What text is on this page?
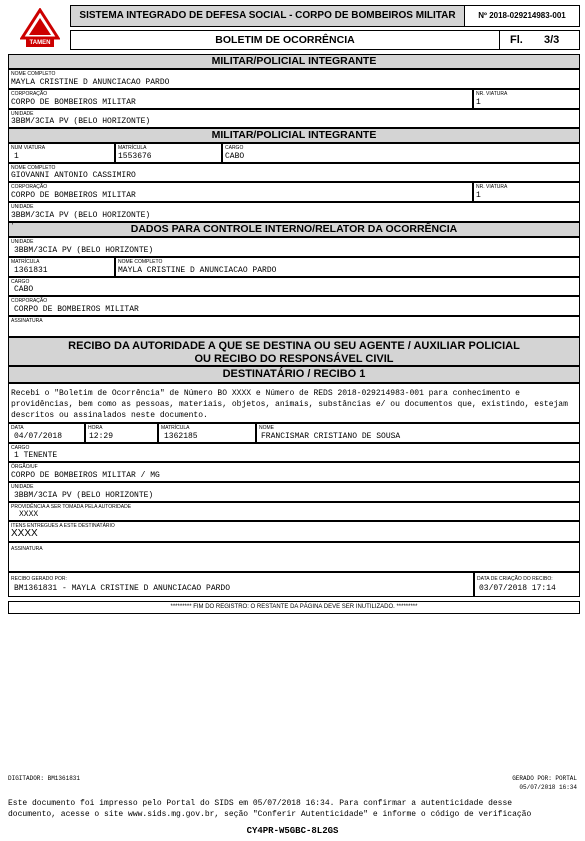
TAMEN
SISTEMA INTEGRADO DE DEFESA SOCIAL - CORPO DE BOMBEIROS MILITAR	Nº 2018-029214983-001
BOLETIM DE OCORRÊNCIA	Fl. 3/3
MILITAR/POLICIAL INTEGRANTE
NOME COMPLETO
MAYLA CRISTINE D ANUNCIACAO PARDO
CORPORAÇÃO
CORPO DE BOMBEIROS MILITAR
NR. VIATURA
1
UNIDADE
3BBM/3CIA PV (BELO HORIZONTE)
MILITAR/POLICIAL INTEGRANTE
NUM VIATURA
1
MATRÍCULA
1553676
CARGO
CABO
NOME COMPLETO
GIOVANNI ANTONIO CASSIMIRO
CORPORAÇÃO
CORPO DE BOMBEIROS MILITAR
NR. VIATURA
1
UNIDADE
3BBM/3CIA PV (BELO HORIZONTE)
'	DADOS PARA CONTROLE INTERNO/RELATOR DA OCORRÊNCIA
UNIDADE
3BBM/3CIA PV (BELO HORIZONTE)
MATRÍCULA
1361831
NOME COMPLETO
MAYLA CRISTINE D ANUNCIACAO PARDO
CARGO
CABO
CORPORAÇÃO
CORPO DE BOMBEIROS MILITAR
ASSINATURA
RECIBO DA AUTORIDADE A QUE SE DESTINA OU SEU AGENTE / AUXILIAR POLICIAL
OU RECIBO DO RESPONSÁVEL CIVIL
DESTINATÁRIO / RECIBO 1
Recebi o "Boletim de Ocorrência" de Número BO XXXX e Número de REDS 2018-029214983-001 para conhecimento e providências, bem como as pessoas, materiais, objetos, animais, substâncias e/ ou documentos que, existindo, estejam descritos ou assinalados neste documento.
DATA
04/07/2018
HORA
12:29
MATRÍCULA
1362185
NOME
FRANCISMAR CRISTIANO DE SOUSA
CARGO
1 TENENTE
ÓRGÃO/UF
CORPO DE BOMBEIROS MILITAR / MG
UNIDADE
3BBM/3CIA PV (BELO HORIZONTE)
PROVIDÊNCIA A SER TOMADA PELA AUTORIDADE
XXXX
ITENS ENTREGUES A ESTE DESTINATÁRIO
XXXX
ASSINATURA
RECIBO GERADO POR:
BM1361831 - MAYLA CRISTINE D ANUNCIACAO PARDO
DATA DE CRIAÇÃO DO RECIBO:
03/07/2018 17:14
********* FIM DO REGISTRO: O RESTANTE DA PÁGINA DEVE SER INUTILIZADO. *********
DIGITADOR: BM1361831	GERADO POR: PORTAL
05/07/2018 16:34
Este documento foi impresso pelo Portal do SIDS em 05/07/2018 16:34. Para confirmar a autenticidade desse
documento, acesse o site www.sids.mg.gov.br, seção "Conferir Autenticidade" e informe o código de verificação
CY4PR-W5GBC-8L2GS
